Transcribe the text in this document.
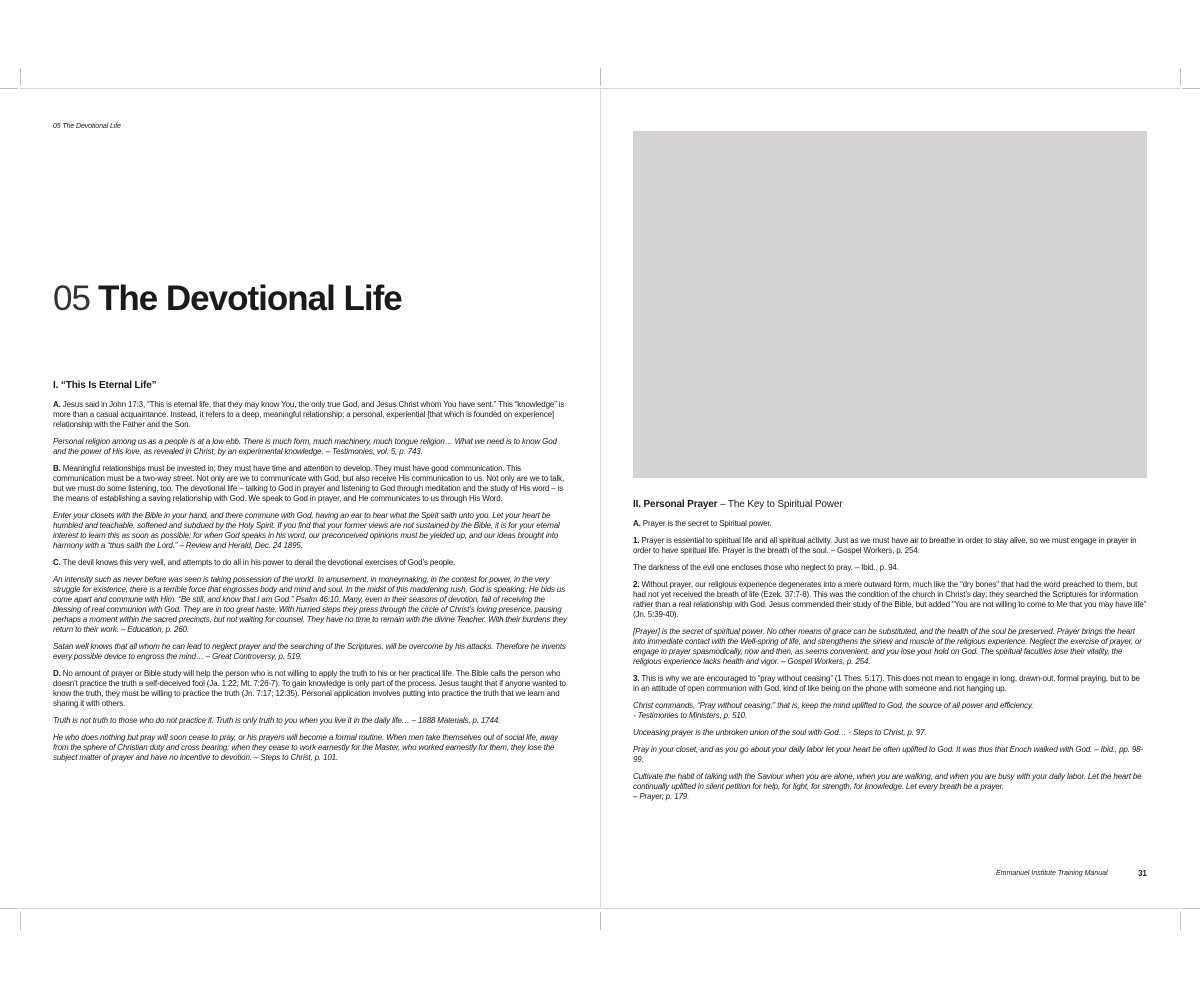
05 The Devotional Life
05 The Devotional Life
I. “This Is Eternal Life”

A. Jesus said in John 17:3, “This is eternal life, that they may know You, the only true God, and Jesus Christ whom You have sent.” This “knowledge” is more than a casual acquaintance. Instead, it refers to a deep, meaningful relationship; a personal, experiential [that which is founded on experience] relationship with the Father and the Son.

Personal religion among us as a people is at a low ebb. There is much form, much machinery, much tongue religion… What we need is to know God and the power of His love, as revealed in Christ, by an experimental knowledge. – Testimonies, vol. 5, p. 743.

B. Meaningful relationships must be invested in; they must have time and attention to develop. They must have good communication. This communication must be a two-way street. Not only are we to communicate with God, but also receive His communication to us. Not only are we to talk, but we must do some listening, too. The devotional life – talking to God in prayer and listening to God through meditation and the study of His word – is the means of establishing a saving relationship with God. We speak to God in prayer, and He communicates to us through His Word.

Enter your closets with the Bible in your hand, and there commune with God, having an ear to hear what the Spirit saith unto you. Let your heart be humbled and teachable, softened and subdued by the Holy Spirit. If you find that your former views are not sustained by the Bible, it is for your eternal interest to learn this as soon as possible; for when God speaks in his word, our preconceived opinions must be yielded up, and our ideas brought into harmony with a “thus saith the Lord.” – Review and Herald, Dec. 24 1895.

C. The devil knows this very well, and attempts to do all in his power to derail the devotional exercises of God’s people.

An intensity such as never before was seen is taking possession of the world. In amusement, in moneymaking, in the contest for power, in the very struggle for existence, there is a terrible force that engrosses body and mind and soul. In the midst of this maddening rush, God is speaking. He bids us come apart and commune with Him. “Be still, and know that I am God.” Psalm 46:10. Many, even in their seasons of devotion, fail of receiving the blessing of real communion with God. They are in too great haste. With hurried steps they press through the circle of Christ’s loving presence, pausing perhaps a moment within the sacred precincts, but not waiting for counsel. They have no time to remain with the divine Teacher. With their burdens they return to their work. – Education, p. 260.

Satan well knows that all whom he can lead to neglect prayer and the searching of the Scriptures, will be overcome by his attacks. Therefore he invents every possible device to engross the mind… – Great Controversy, p. 519.

D. No amount of prayer or Bible study will help the person who is not willing to apply the truth to his or her practical life. The Bible calls the person who doesn’t practice the truth a self-deceived fool (Ja. 1:22; Mt. 7:26-7). To gain knowledge is only part of the process. Jesus taught that if anyone wanted to know the truth, they must be willing to practice the truth (Jn. 7:17; 12:35). Personal application involves putting into practice the truth that we learn and sharing it with others.

Truth is not truth to those who do not practice it. Truth is only truth to you when you live it in the daily life… – 1888 Materials, p. 1744.

He who does nothing but pray will soon cease to pray, or his prayers will become a formal routine. When men take themselves out of social life, away from the sphere of Christian duty and cross bearing; when they cease to work earnestly for the Master, who worked earnestly for them, they lose the subject matter of prayer and have no incentive to devotion. – Steps to Christ, p. 101.

II. Personal Prayer – The Key to Spiritual Power

A. Prayer is the secret to Spiritual power.

1. Prayer is essential to spiritual life and all spiritual activity. Just as we must have air to breathe in order to stay alive, so we must engage in prayer in order to have spiritual life. Prayer is the breath of the soul. – Gospel Workers, p. 254.

The darkness of the evil one encloses those who neglect to pray. – Ibid., p. 94.

2. Without prayer, our religious experience degenerates into a mere outward form, much like the “dry bones” that had the word preached to them, but had not yet received the breath of life (Ezek. 37:7-8). This was the condition of the church in Christ’s day; they searched the Scriptures for information rather than a real relationship with God. Jesus commended their study of the Bible, but added “You are not willing to come to Me that you may have life” (Jn. 5:39-40).

[Prayer] is the secret of spiritual power. No other means of grace can be substituted, and the health of the soul be preserved. Prayer brings the heart into immediate contact with the Well-spring of life, and strengthens the sinew and muscle of the religious experience. Neglect the exercise of prayer, or engage in prayer spasmodically, now and then, as seems convenient, and you lose your hold on God. The spiritual faculties lose their vitality, the religious experience lacks health and vigor. – Gospel Workers, p. 254.

3. This is why we are encouraged to “pray without ceasing” (1 Thes. 5:17). This does not mean to engage in long, drawn-out, formal praying, but to be in an attitude of open communion with God, kind of like being on the phone with someone and not hanging up.

Christ commands, “Pray without ceasing;” that is, keep the mind uplifted to God, the source of all power and efficiency.
- Testimonies to Ministers, p. 510.

Unceasing prayer is the unbroken union of the soul with God… - Steps to Christ, p. 97.

Pray in your closet, and as you go about your daily labor let your heart be often uplifted to God. It was thus that Enoch walked with God. – Ibid., pp. 98-99.

Cultivate the habit of talking with the Saviour when you are alone, when you are walking, and when you are busy with your daily labor. Let the heart be continually uplifted in silent petition for help, for light, for strength, for knowledge. Let every breath be a prayer.
– Prayer, p. 179.

Emmanuel Institute Training Manual	31
